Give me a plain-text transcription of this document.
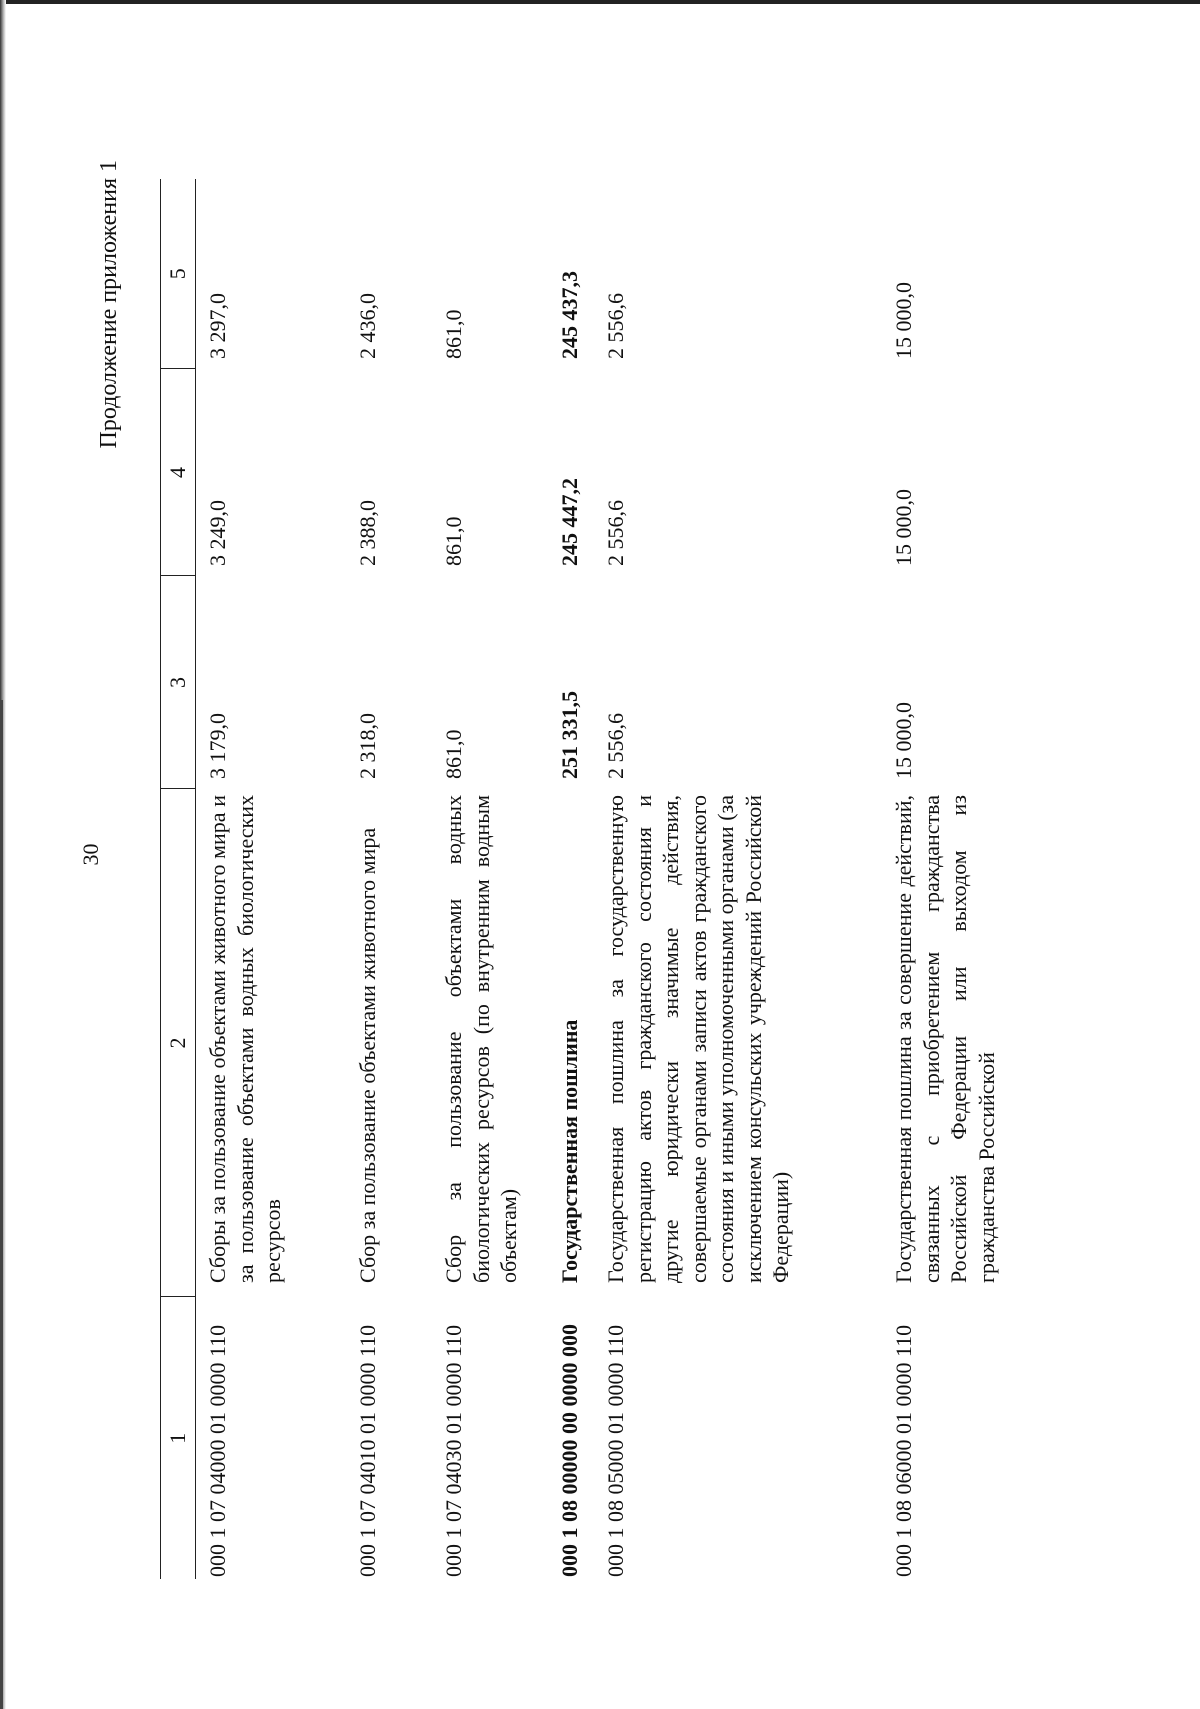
30
Продолжение приложения 1
1	2	3	4	5
000 1 07 04000 01 0000 110	Сборы за пользование объектами животного мира и за пользование объектами водных биологических ресурсов	3 179,0	3 249,0	3 297,0
000 1 07 04010 01 0000 110	Сбор за пользование объектами животного мира	2 318,0	2 388,0	2 436,0
000 1 07 04030 01 0000 110	Сбор за пользование объектами водных биологических ресурсов (по внутренним водным объектам)	861,0	861,0	861,0
000 1 08 00000 00 0000 000	Государственная пошлина	251 331,5	245 447,2	245 437,3
000 1 08 05000 01 0000 110	Государственная пошлина за государственную регистрацию актов гражданского состояния и другие юридически значимые действия, совершаемые органами записи актов гражданского состояния и иными уполномоченными органами (за исключением консульских учреждений Российской Федерации)	2 556,6	2 556,6	2 556,6
000 1 08 06000 01 0000 110	Государственная пошлина за совершение действий, связанных с приобретением гражданства Российской Федерации или выходом из гражданства Российской	15 000,0	15 000,0	15 000,0
